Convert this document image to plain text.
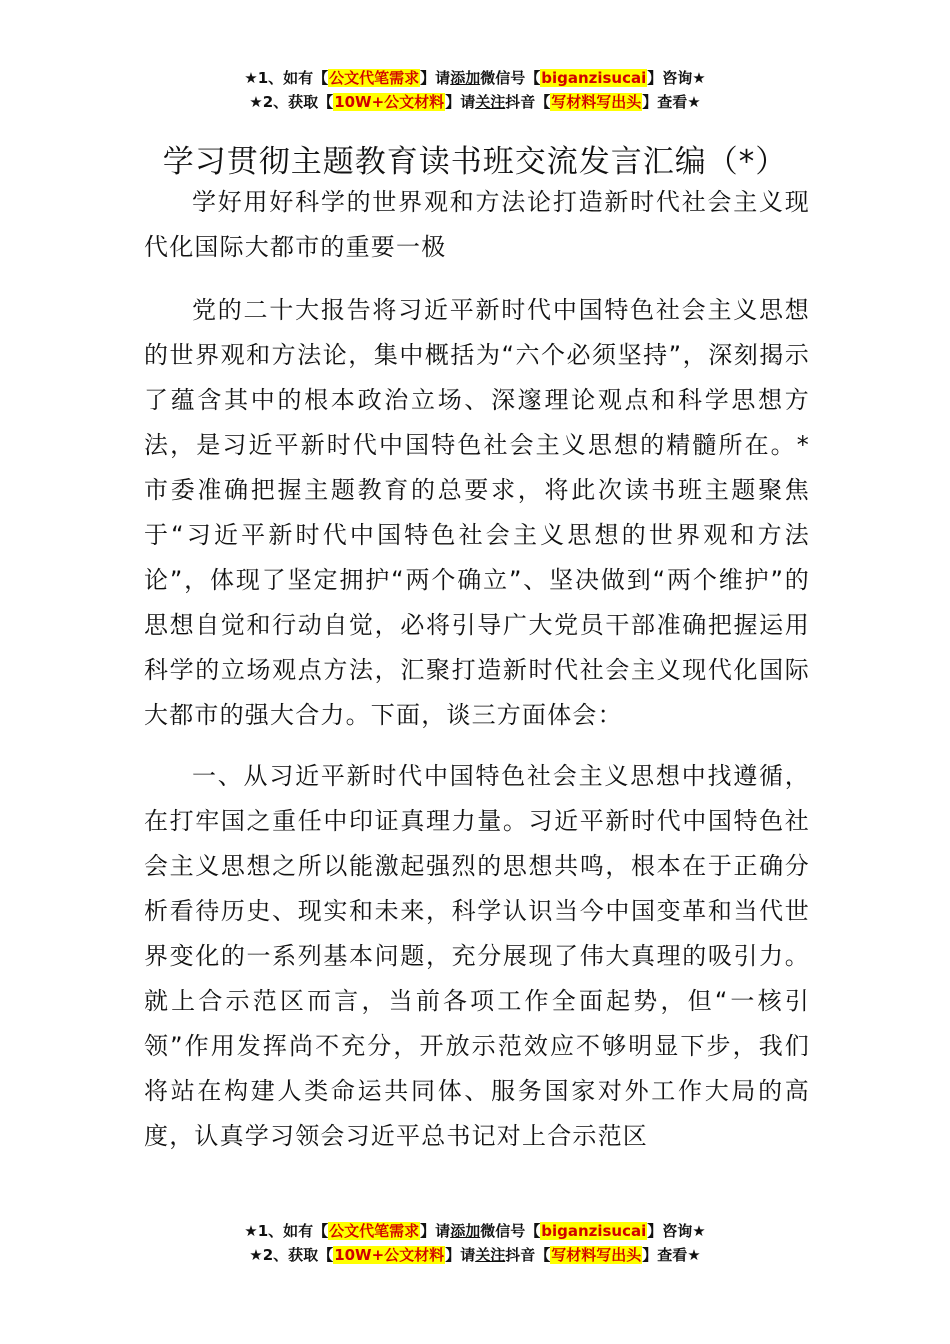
★1、如有【公文代笔需求】请添加微信号【biganzisucai】咨询★
★2、获取【10W+公文材料】请关注抖音【写材料写出头】查看★
学习贯彻主题教育读书班交流发言汇编（*）

学好用好科学的世界观和方法论打造新时代社会主义现代化国际大都市的重要一极

党的二十大报告将习近平新时代中国特色社会主义思想的世界观和方法论，集中概括为“六个必须坚持”，深刻揭示了蕴含其中的根本政治立场、深邃理论观点和科学思想方法，是习近平新时代中国特色社会主义思想的精髓所在。*市委准确把握主题教育的总要求，将此次读书班主题聚焦于“习近平新时代中国特色社会主义思想的世界观和方法论”，体现了坚定拥护“两个确立”、坚决做到“两个维护”的思想自觉和行动自觉，必将引导广大党员干部准确把握运用科学的立场观点方法，汇聚打造新时代社会主义现代化国际大都市的强大合力。下面，谈三方面体会：

一、从习近平新时代中国特色社会主义思想中找遵循，在打牢国之重任中印证真理力量。习近平新时代中国特色社会主义思想之所以能激起强烈的思想共鸣，根本在于正确分析看待历史、现实和未来，科学认识当今中国变革和当代世界变化的一系列基本问题，充分展现了伟大真理的吸引力。就上合示范区而言，当前各项工作全面起势，但“一核引领”作用发挥尚不充分，开放示范效应不够明显下步，我们将站在构建人类命运共同体、服务国家对外工作大局的高度，认真学习领会习近平总书记对上合示范区

★1、如有【公文代笔需求】请添加微信号【biganzisucai】咨询★
★2、获取【10W+公文材料】请关注抖音【写材料写出头】查看★
